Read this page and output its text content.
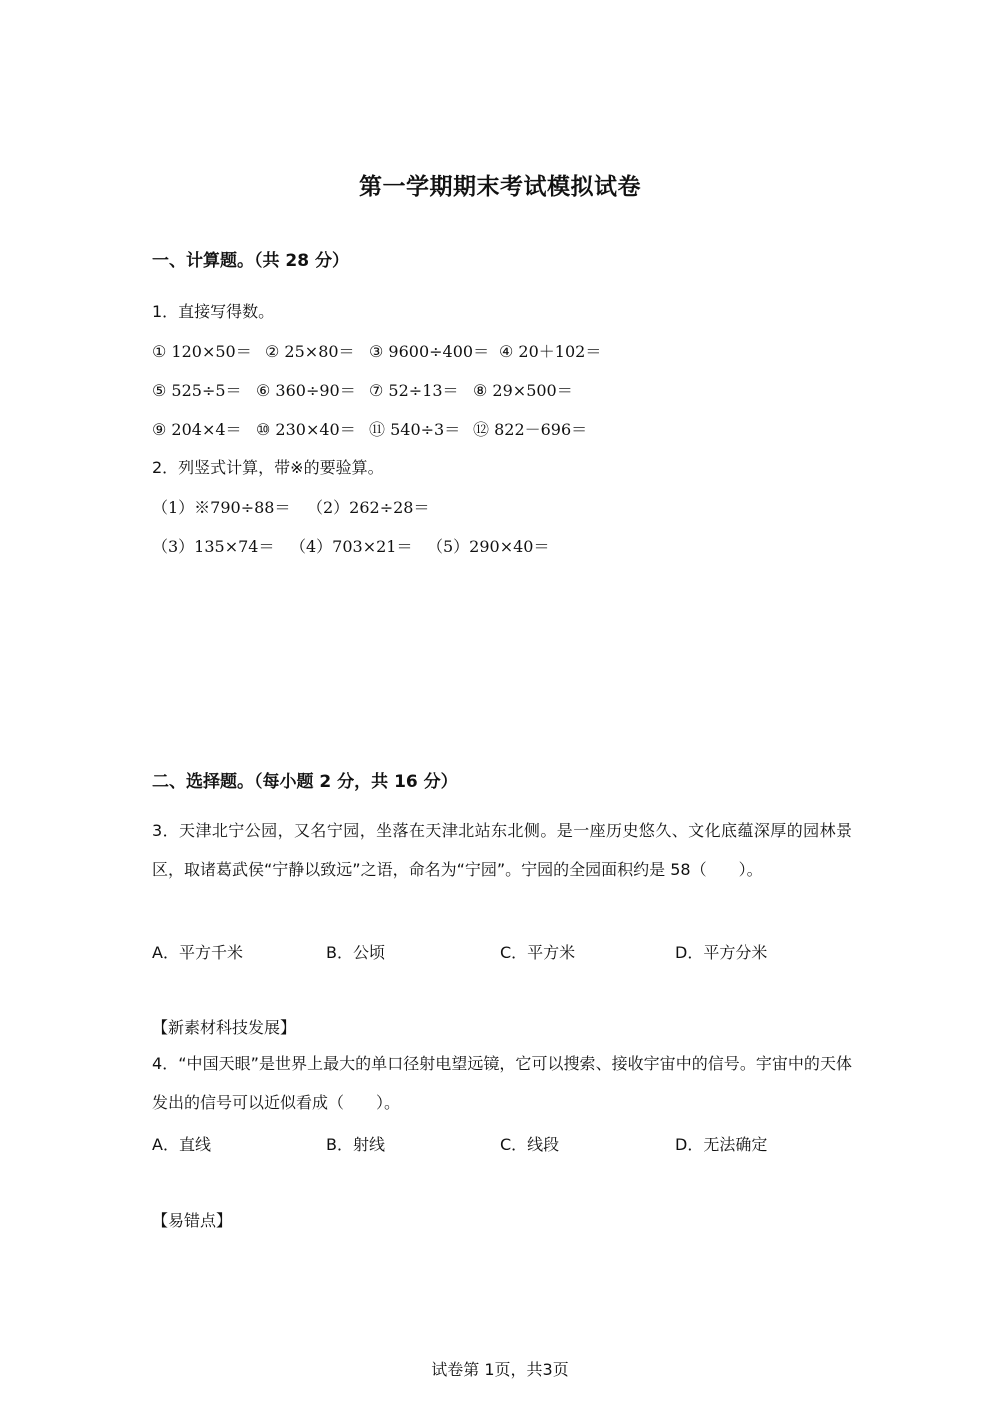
第一学期期末考试模拟试卷
一、计算题。（共 28 分）
1．直接写得数。
① 120×50＝ ② 25×80＝ ③ 9600÷400＝ ④ 20＋102＝
⑤ 525÷5＝ ⑥ 360÷90＝ ⑦ 52÷13＝ ⑧ 29×500＝
⑨ 204×4＝ ⑩ 230×40＝ ⑪ 540÷3＝ ⑫ 822－696＝
2．列竖式计算，带※的要验算。
（1）※790÷88＝ （2）262÷28＝
（3）135×74＝ （4）703×21＝ （5）290×40＝
二、选择题。（每小题 2 分，共 16 分）
3．天津北宁公园，又名宁园，坐落在天津北站东北侧。是一座历史悠久、文化底蕴深厚的园林景区，取诸葛武侯“宁静以致远”之语，命名为“宁园”。宁园的全园面积约是 58（　　）。
A．平方千米	B．公顷	C．平方米	D．平方分米
【新素材科技发展】
4．“中国天眼”是世界上最大的单口径射电望远镜，它可以搜索、接收宇宙中的信号。宇宙中的天体发出的信号可以近似看成（　　）。
A．直线	B．射线	C．线段	D．无法确定
【易错点】
试卷第 1页，共3页
